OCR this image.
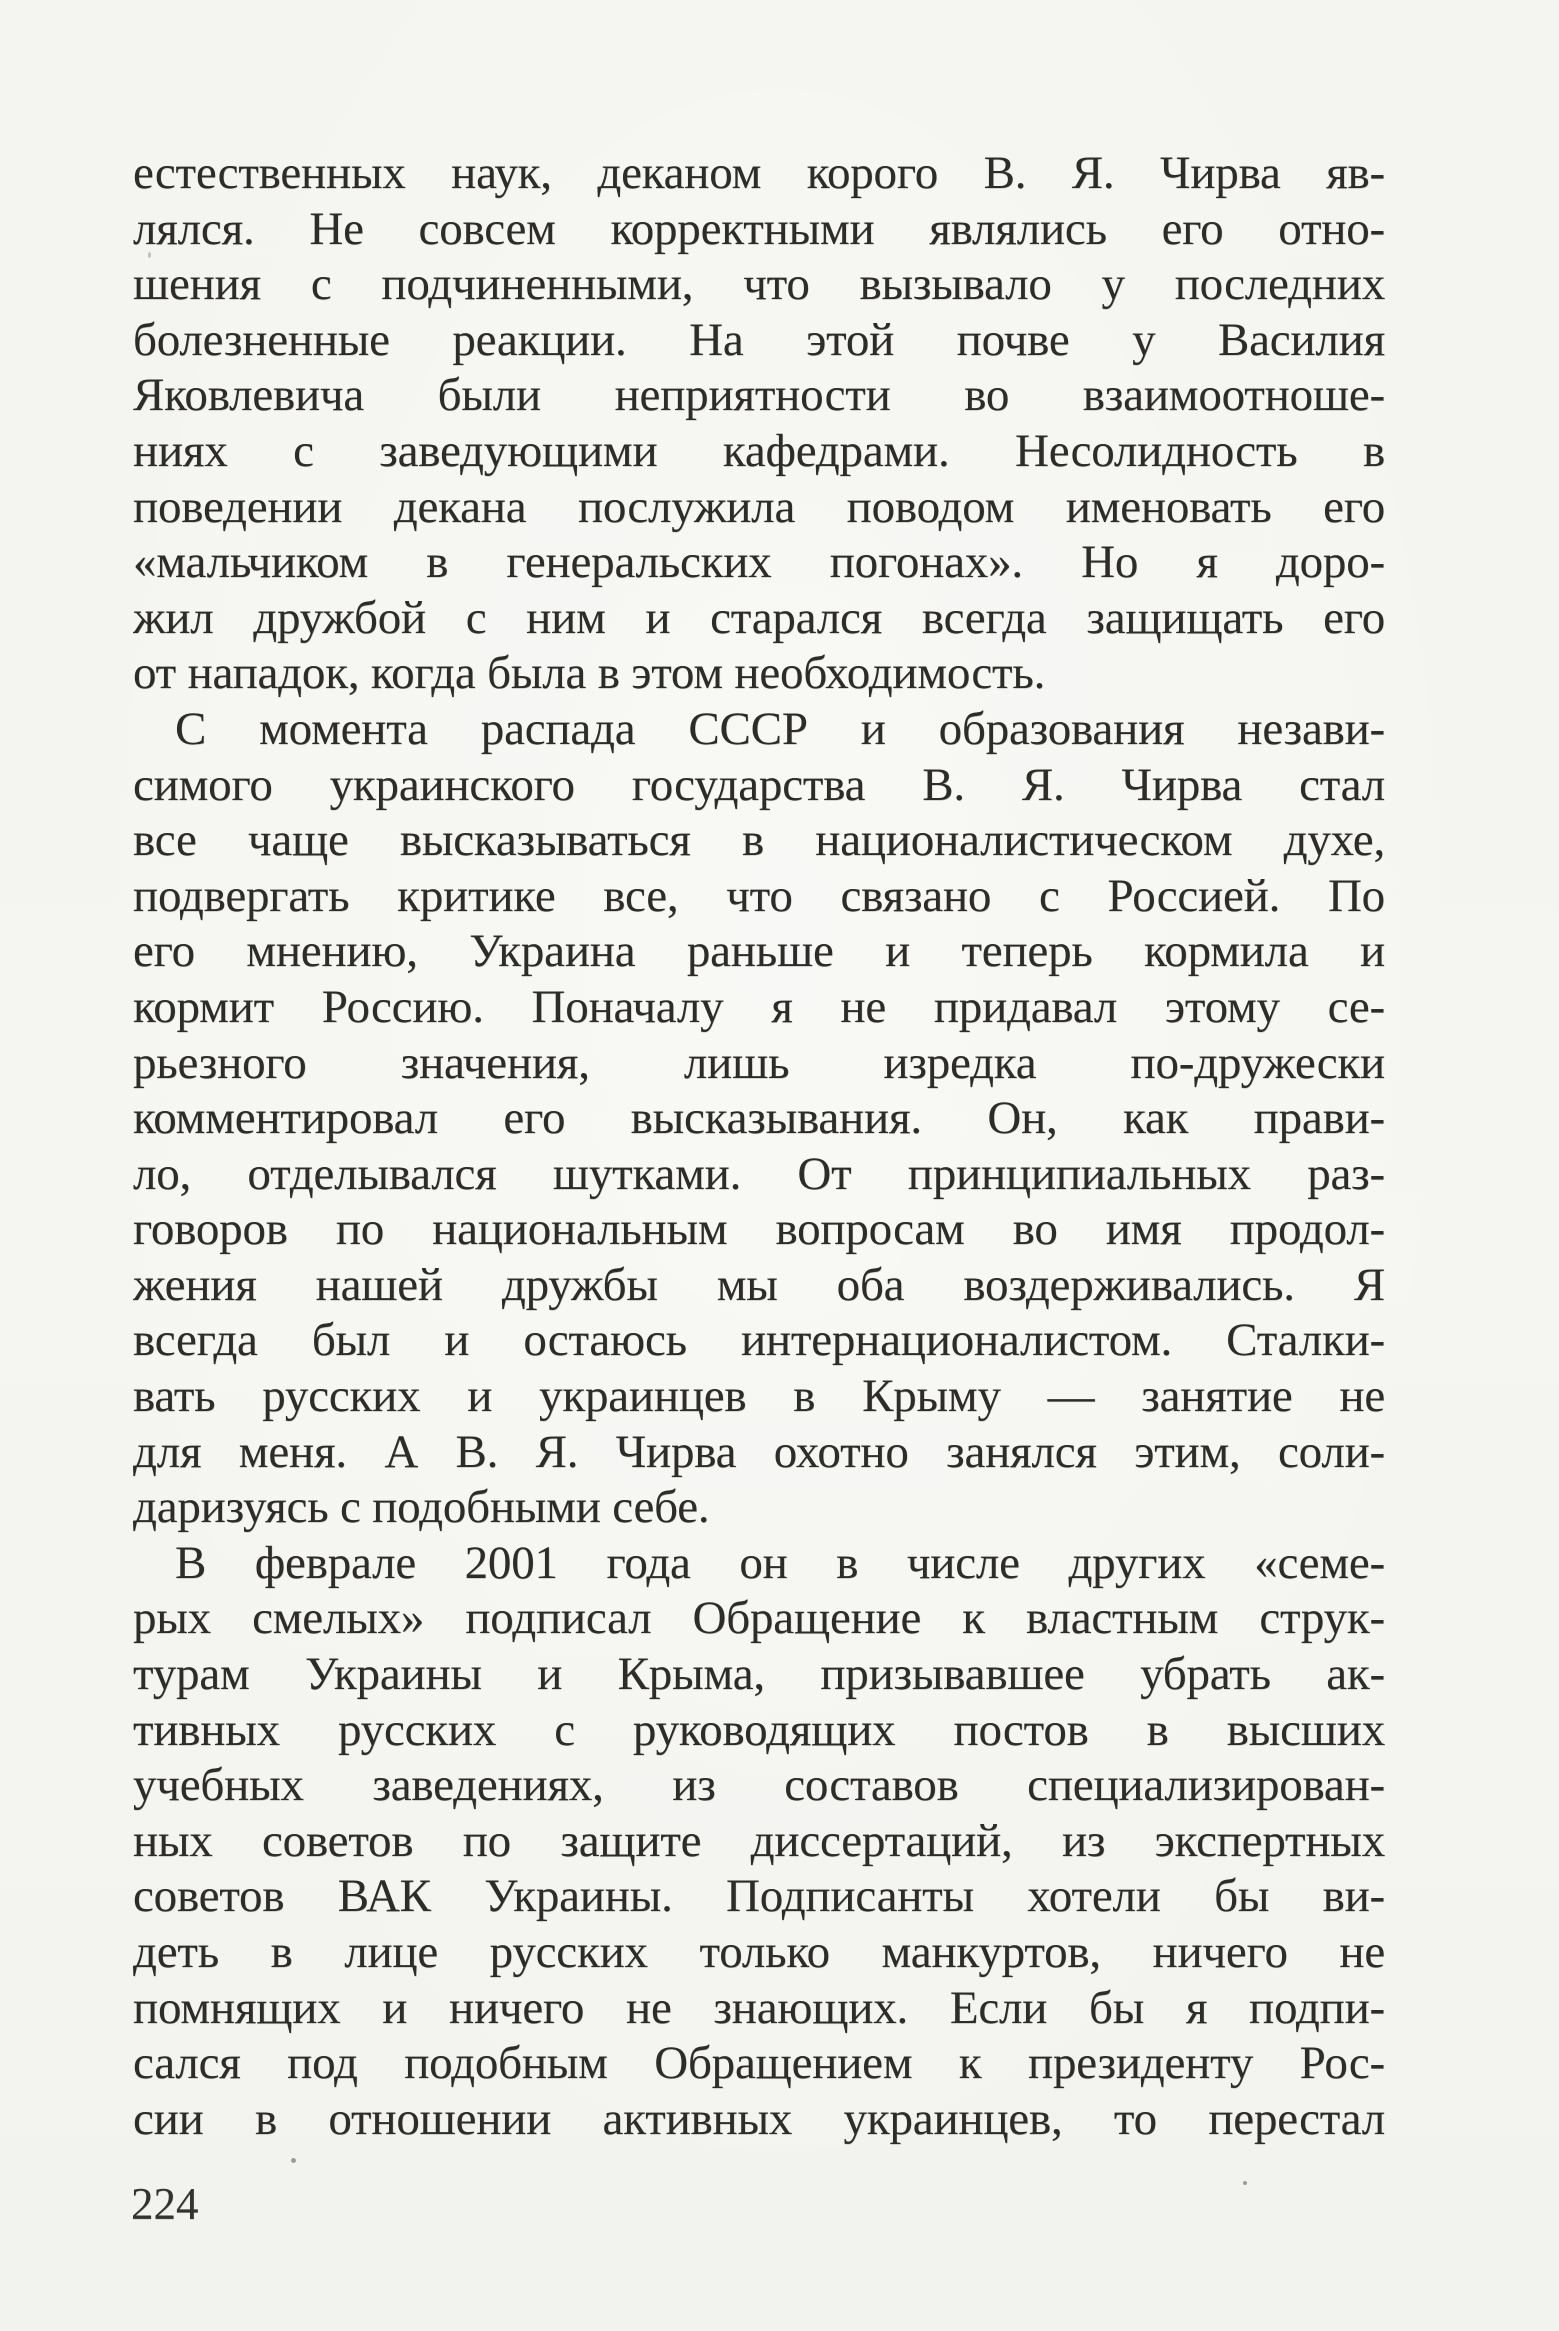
естественных наук, деканом корого В. Я. Чирва яв-
лялся. Не совсем корректными являлись его отно-
шения с подчиненными, что вызывало у последних
болезненные реакции. На этой почве у Василия
Яковлевича были неприятности во взаимоотноше-
ниях с заведующими кафедрами. Несолидность в
поведении декана послужила поводом именовать его
«мальчиком в генеральских погонах». Но я доро-
жил дружбой с ним и старался всегда защищать его
от нападок, когда была в этом необходимость.
С момента распада СССР и образования незави-
симого украинского государства В. Я. Чирва стал
все чаще высказываться в националистическом духе,
подвергать критике все, что связано с Россией. По
его мнению, Украина раньше и теперь кормила и
кормит Россию. Поначалу я не придавал этому се-
рьезного значения, лишь изредка по-дружески
комментировал его высказывания. Он, как прави-
ло, отделывался шутками. От принципиальных раз-
говоров по национальным вопросам во имя продол-
жения нашей дружбы мы оба воздерживались. Я
всегда был и остаюсь интернационалистом. Сталки-
вать русских и украинцев в Крыму — занятие не
для меня. А В. Я. Чирва охотно занялся этим, соли-
даризуясь с подобными себе.
В феврале 2001 года он в числе других «семе-
рых смелых» подписал Обращение к властным струк-
турам Украины и Крыма, призывавшее убрать ак-
тивных русских с руководящих постов в высших
учебных заведениях, из составов специализирован-
ных советов по защите диссертаций, из экспертных
советов ВАК Украины. Подписанты хотели бы ви-
деть в лице русских только манкуртов, ничего не
помнящих и ничего не знающих. Если бы я подпи-
сался под подобным Обращением к президенту Рос-
сии в отношении активных украинцев, то перестал
224
